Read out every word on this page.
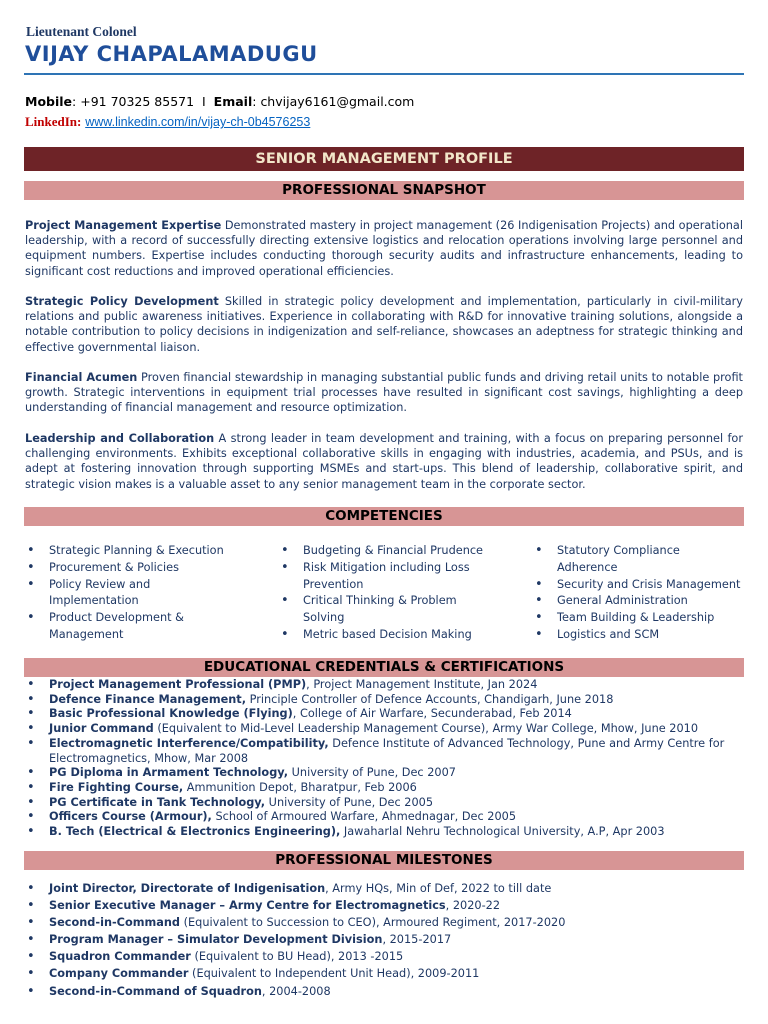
Lieutenant Colonel
VIJAY CHAPALAMADUGU
Mobile: +91 70325 85571 I Email: chvijay6161@gmail.com
LinkedIn: www.linkedin.com/in/vijay-ch-0b4576253
SENIOR MANAGEMENT PROFILE
PROFESSIONAL SNAPSHOT
Project Management Expertise Demonstrated mastery in project management (26 Indigenisation Projects) and operational leadership, with a record of successfully directing extensive logistics and relocation operations involving large personnel and equipment numbers. Expertise includes conducting thorough security audits and infrastructure enhancements, leading to significant cost reductions and improved operational efficiencies.
Strategic Policy Development Skilled in strategic policy development and implementation, particularly in civil-military relations and public awareness initiatives. Experience in collaborating with R&D for innovative training solutions, alongside a notable contribution to policy decisions in indigenization and self-reliance, showcases an adeptness for strategic thinking and effective governmental liaison.
Financial Acumen Proven financial stewardship in managing substantial public funds and driving retail units to notable profit growth. Strategic interventions in equipment trial processes have resulted in significant cost savings, highlighting a deep understanding of financial management and resource optimization.
Leadership and Collaboration A strong leader in team development and training, with a focus on preparing personnel for challenging environments. Exhibits exceptional collaborative skills in engaging with industries, academia, and PSUs, and is adept at fostering innovation through supporting MSMEs and start-ups. This blend of leadership, collaborative spirit, and strategic vision makes is a valuable asset to any senior management team in the corporate sector.
COMPETENCIES
• Strategic Planning & Execution
• Procurement & Policies
• Policy Review and Implementation
• Product Development & Management
• Budgeting & Financial Prudence
• Risk Mitigation including Loss Prevention
• Critical Thinking & Problem Solving
• Metric based Decision Making
• Statutory Compliance Adherence
• Security and Crisis Management
• General Administration
• Team Building & Leadership
• Logistics and SCM
EDUCATIONAL CREDENTIALS & CERTIFICATIONS
• Project Management Professional (PMP), Project Management Institute, Jan 2024
• Defence Finance Management, Principle Controller of Defence Accounts, Chandigarh, June 2018
• Basic Professional Knowledge (Flying), College of Air Warfare, Secunderabad, Feb 2014
• Junior Command (Equivalent to Mid-Level Leadership Management Course), Army War College, Mhow, June 2010
• Electromagnetic Interference/Compatibility, Defence Institute of Advanced Technology, Pune and Army Centre for Electromagnetics, Mhow, Mar 2008
• PG Diploma in Armament Technology, University of Pune, Dec 2007
• Fire Fighting Course, Ammunition Depot, Bharatpur, Feb 2006
• PG Certificate in Tank Technology, University of Pune, Dec 2005
• Officers Course (Armour), School of Armoured Warfare, Ahmednagar, Dec 2005
• B. Tech (Electrical & Electronics Engineering), Jawaharlal Nehru Technological University, A.P, Apr 2003
PROFESSIONAL MILESTONES
• Joint Director, Directorate of Indigenisation, Army HQs, Min of Def, 2022 to till date
• Senior Executive Manager – Army Centre for Electromagnetics, 2020-22
• Second-in-Command (Equivalent to Succession to CEO), Armoured Regiment, 2017-2020
• Program Manager – Simulator Development Division, 2015-2017
• Squadron Commander (Equivalent to BU Head), 2013 -2015
• Company Commander (Equivalent to Independent Unit Head), 2009-2011
• Second-in-Command of Squadron, 2004-2008
